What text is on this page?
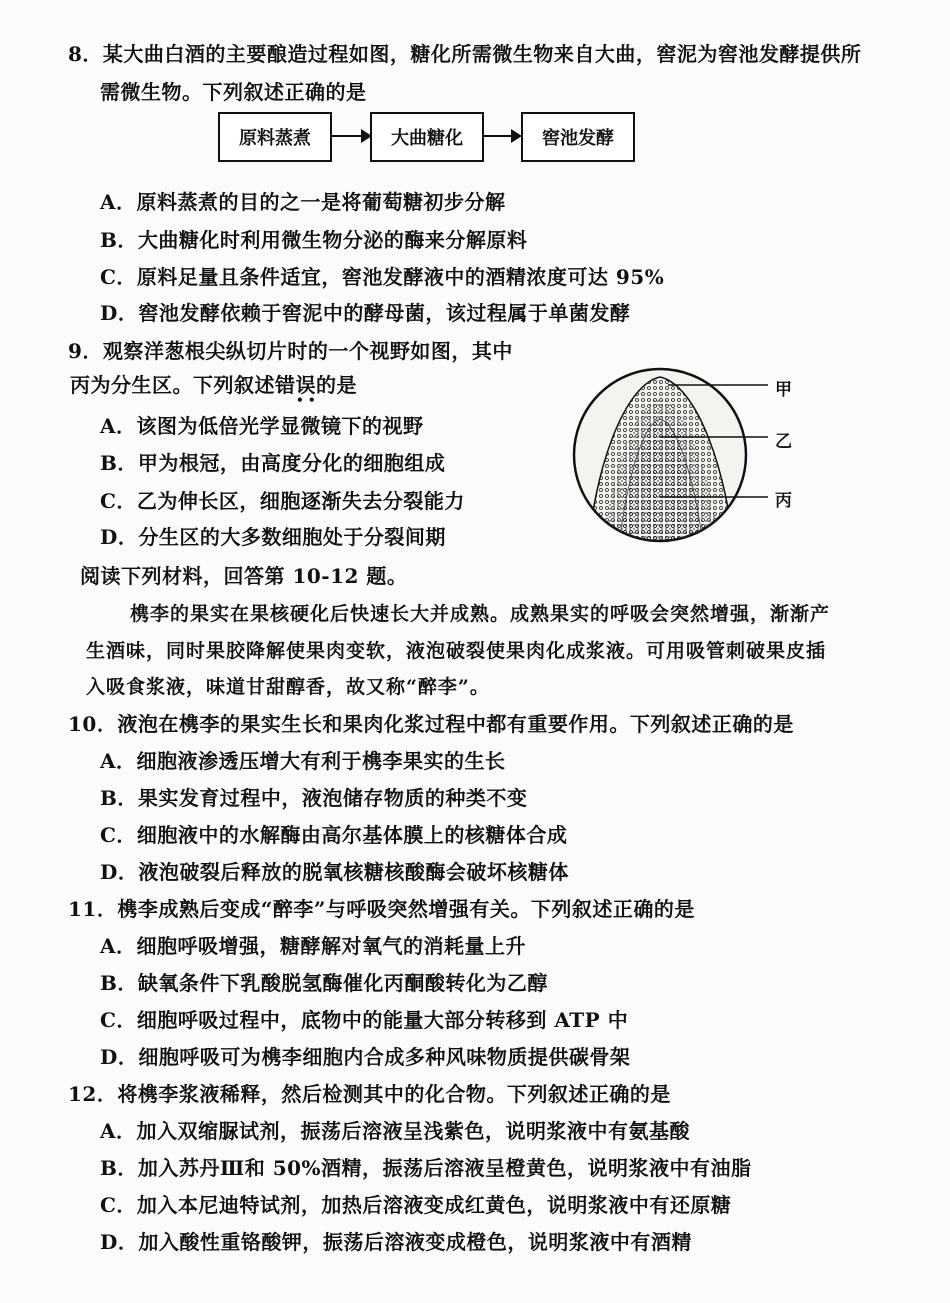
8．某大曲白酒的主要酿造过程如图，糖化所需微生物来自大曲，窖泥为窖池发酵提供所
需微生物。下列叙述正确的是
原料蒸煮	大曲糖化	窖池发酵
A．原料蒸煮的目的之一是将葡萄糖初步分解
B．大曲糖化时利用微生物分泌的酶来分解原料
C．原料足量且条件适宜，窖池发酵液中的酒精浓度可达 95%
D．窖池发酵依赖于窖泥中的酵母菌，该过程属于单菌发酵
9．观察洋葱根尖纵切片时的一个视野如图，其中
丙为分生区。下列叙述错误的是
• •	甲
乙
丙
A．该图为低倍光学显微镜下的视野
B．甲为根冠，由高度分化的细胞组成
C．乙为伸长区，细胞逐渐失去分裂能力
D．分生区的大多数细胞处于分裂间期
阅读下列材料，回答第 10-12 题。
槜李的果实在果核硬化后快速长大并成熟。成熟果实的呼吸会突然增强，渐渐产
生酒味，同时果胶降解使果肉变软，液泡破裂使果肉化成浆液。可用吸管刺破果皮插
入吸食浆液，味道甘甜醇香，故又称“醉李”。
10．液泡在槜李的果实生长和果肉化浆过程中都有重要作用。下列叙述正确的是
A．细胞液渗透压增大有利于槜李果实的生长
B．果实发育过程中，液泡储存物质的种类不变
C．细胞液中的水解酶由高尔基体膜上的核糖体合成
D．液泡破裂后释放的脱氧核糖核酸酶会破坏核糖体
11．槜李成熟后变成“醉李”与呼吸突然增强有关。下列叙述正确的是
A．细胞呼吸增强，糖酵解对氧气的消耗量上升
B．缺氧条件下乳酸脱氢酶催化丙酮酸转化为乙醇
C．细胞呼吸过程中，底物中的能量大部分转移到 ATP 中
D．细胞呼吸可为槜李细胞内合成多种风味物质提供碳骨架
12．将槜李浆液稀释，然后检测其中的化合物。下列叙述正确的是
A．加入双缩脲试剂，振荡后溶液呈浅紫色，说明浆液中有氨基酸
B．加入苏丹Ⅲ和 50%酒精，振荡后溶液呈橙黄色，说明浆液中有油脂
C．加入本尼迪特试剂，加热后溶液变成红黄色，说明浆液中有还原糖
D．加入酸性重铬酸钾，振荡后溶液变成橙色，说明浆液中有酒精
